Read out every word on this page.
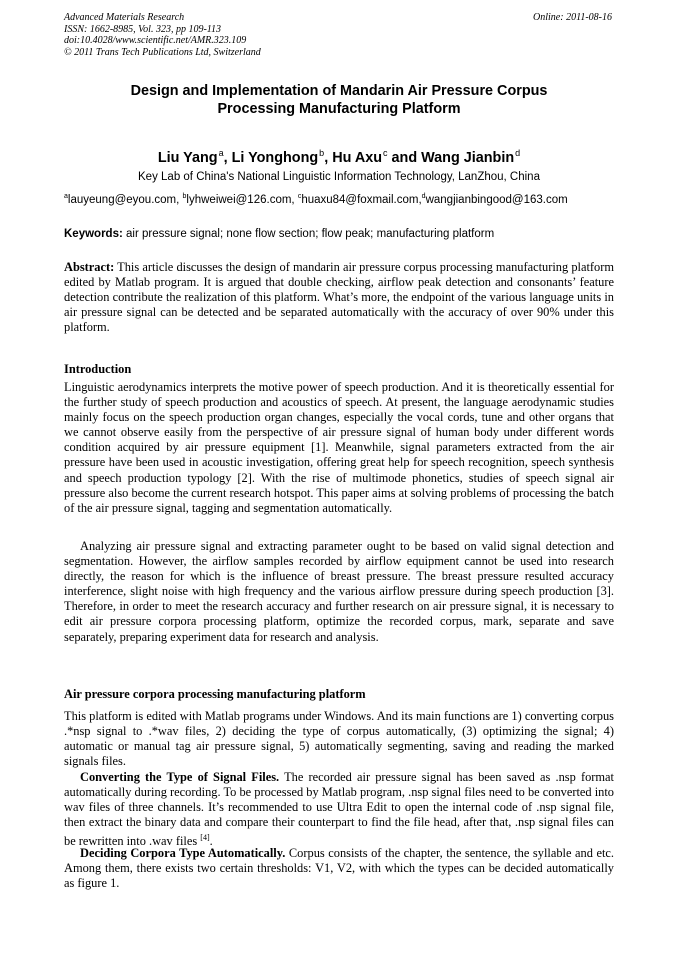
Advanced Materials Research
ISSN: 1662-8985, Vol. 323, pp 109-113
doi:10.4028/www.scientific.net/AMR.323.109
© 2011 Trans Tech Publications Ltd, Switzerland
Online: 2011-08-16
Design and Implementation of Mandarin Air Pressure Corpus
Processing Manufacturing Platform
Liu Yang$^a$, Li Yonghong$^b$, Hu Axu$^c$ and Wang Jianbin$^d$
Key Lab of China's National Linguistic Information Technology, LanZhou, China
$^a$lauyeung@eyou.com, $^b$lyhweiwei@126.com, $^c$huaxu84@foxmail.com,$^d$wangjianbingood@163.com
Keywords: air pressure signal; none flow section; flow peak; manufacturing platform
Abstract: This article discusses the design of mandarin air pressure corpus processing manufacturing platform edited by Matlab program. It is argued that double checking, airflow peak detection and consonants’ feature detection contribute the realization of this platform. What’s more, the endpoint of the various language units in air pressure signal can be detected and be separated automatically with the accuracy of over 90% under this platform.
Introduction
Linguistic aerodynamics interprets the motive power of speech production. And it is theoretically essential for the further study of speech production and acoustics of speech. At present, the language aerodynamic studies mainly focus on the speech production organ changes, especially the vocal cords, tune and other organs that we cannot observe easily from the perspective of air pressure signal of human body under different words condition acquired by air pressure equipment [1]. Meanwhile, signal parameters extracted from the air pressure have been used in acoustic investigation, offering great help for speech recognition, speech synthesis and speech production typology [2]. With the rise of multimode phonetics, studies of speech signal air pressure also become the current research hotspot. This paper aims at solving problems of processing the batch of the air pressure signal, tagging and segmentation automatically.
Analyzing air pressure signal and extracting parameter ought to be based on valid signal detection and segmentation. However, the airflow samples recorded by airflow equipment cannot be used into research directly, the reason for which is the influence of breast pressure. The breast pressure resulted accuracy interference, slight noise with high frequency and the various airflow pressure during speech production [3]. Therefore, in order to meet the research accuracy and further research on air pressure signal, it is necessary to edit air pressure corpora processing platform, optimize the recorded corpus, mark, separate and save separately, preparing experiment data for research and analysis.
Air pressure corpora processing manufacturing platform
This platform is edited with Matlab programs under Windows. And its main functions are 1) converting corpus .*nsp signal to .*wav files, 2) deciding the type of corpus automatically, (3) optimizing the signal; 4) automatic or manual tag air pressure signal, 5) automatically segmenting, saving and reading the marked signals files.
Converting the Type of Signal Files. The recorded air pressure signal has been saved as .nsp format automatically during recording. To be processed by Matlab program, .nsp signal files need to be converted into wav files of three channels. It’s recommended to use Ultra Edit to open the internal code of .nsp signal file, then extract the binary data and compare their counterpart to find the file head, after that, .nsp signal files can be rewritten into .wav files [4].
Deciding Corpora Type Automatically. Corpus consists of the chapter, the sentence, the syllable and etc. Among them, there exists two certain thresholds: V1, V2, with which the types can be decided automatically as figure 1.
